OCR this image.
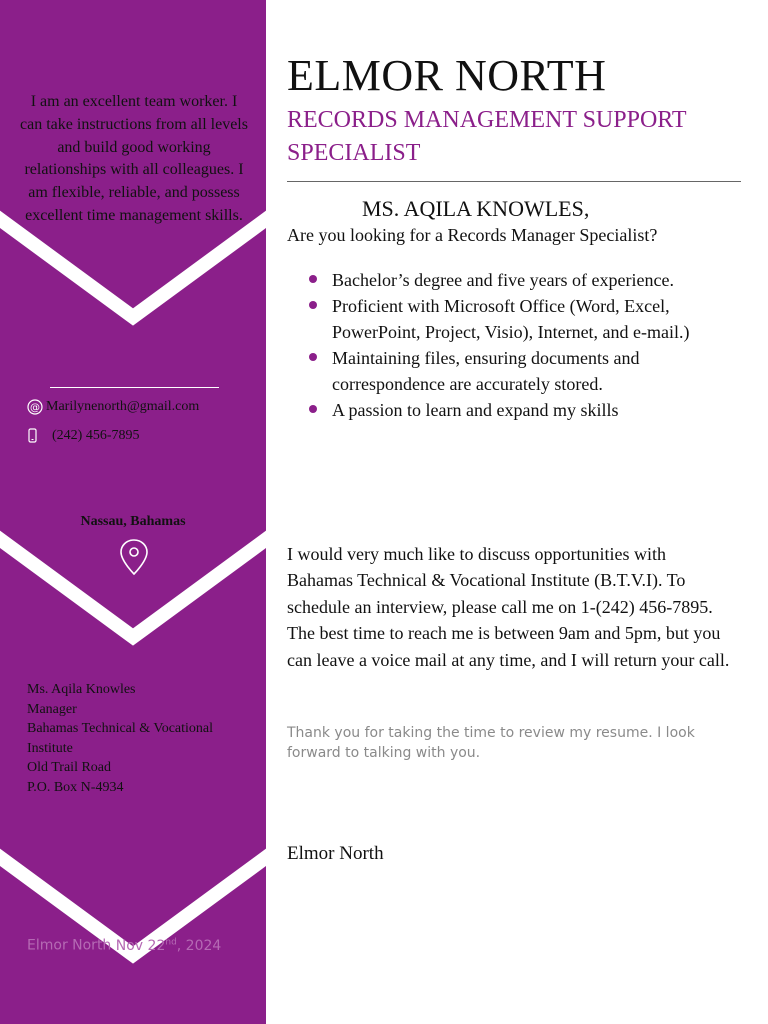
I am an excellent team worker. I can take instructions from all levels and build good working relationships with all colleagues. I am flexible, reliable, and possess excellent time management skills.
@ Marilynenorth@gmail.com
(242) 456-7895
Nassau, Bahamas
Ms. Aqila Knowles
Manager
Bahamas Technical & Vocational Institute
Old Trail Road
P.O. Box N-4934
Elmor North Nov 22nd, 2024
ELMOR NORTH
RECORDS MANAGEMENT SUPPORT SPECIALIST
MS. AQILA KNOWLES,
Are you looking for a Records Manager Specialist?
Bachelor’s degree and five years of experience.
Proficient with Microsoft Office (Word, Excel, PowerPoint, Project, Visio), Internet, and e-mail.)
Maintaining files, ensuring documents and correspondence are accurately stored.
A passion to learn and expand my skills
I would very much like to discuss opportunities with Bahamas Technical & Vocational Institute (B.T.V.I). To schedule an interview, please call me on 1-(242) 456-7895. The best time to reach me is between 9am and 5pm, but you can leave a voice mail at any time, and I will return your call.
Thank you for taking the time to review my resume. I look forward to talking with you.
Elmor North
